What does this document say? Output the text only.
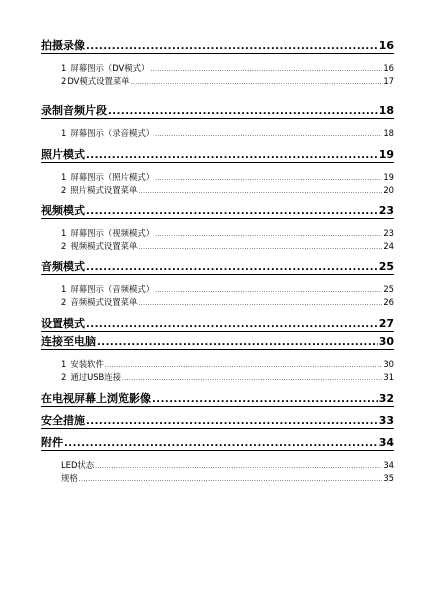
拍摄录像 .....	16
1 屏幕图示（DV模式） .....	16
2DV模式设置菜单 .....	17
录制音频片段 .....	18
1 屏幕图示（录音模式） .....	18
照片模式 .....	19
1 屏幕图示（照片模式） .....	19
2 照片模式设置菜单 .....	20
视频模式 .....	23
1 屏幕图示（视频模式） .....	23
2 视频模式设置菜单 .....	24
音频模式 .....	25
1 屏幕图示（音频模式） .....	25
2 音频模式设置菜单 .....	26
设置模式 .....	27
连接至电脑 .....	30
1 安装软件 .....	30
2 通过USB连接 .....	31
在电视屏幕上浏览影像 .....	32
安全措施 .....	33
附件 .....	34
LED状态 .....	34
规格 .....	35
